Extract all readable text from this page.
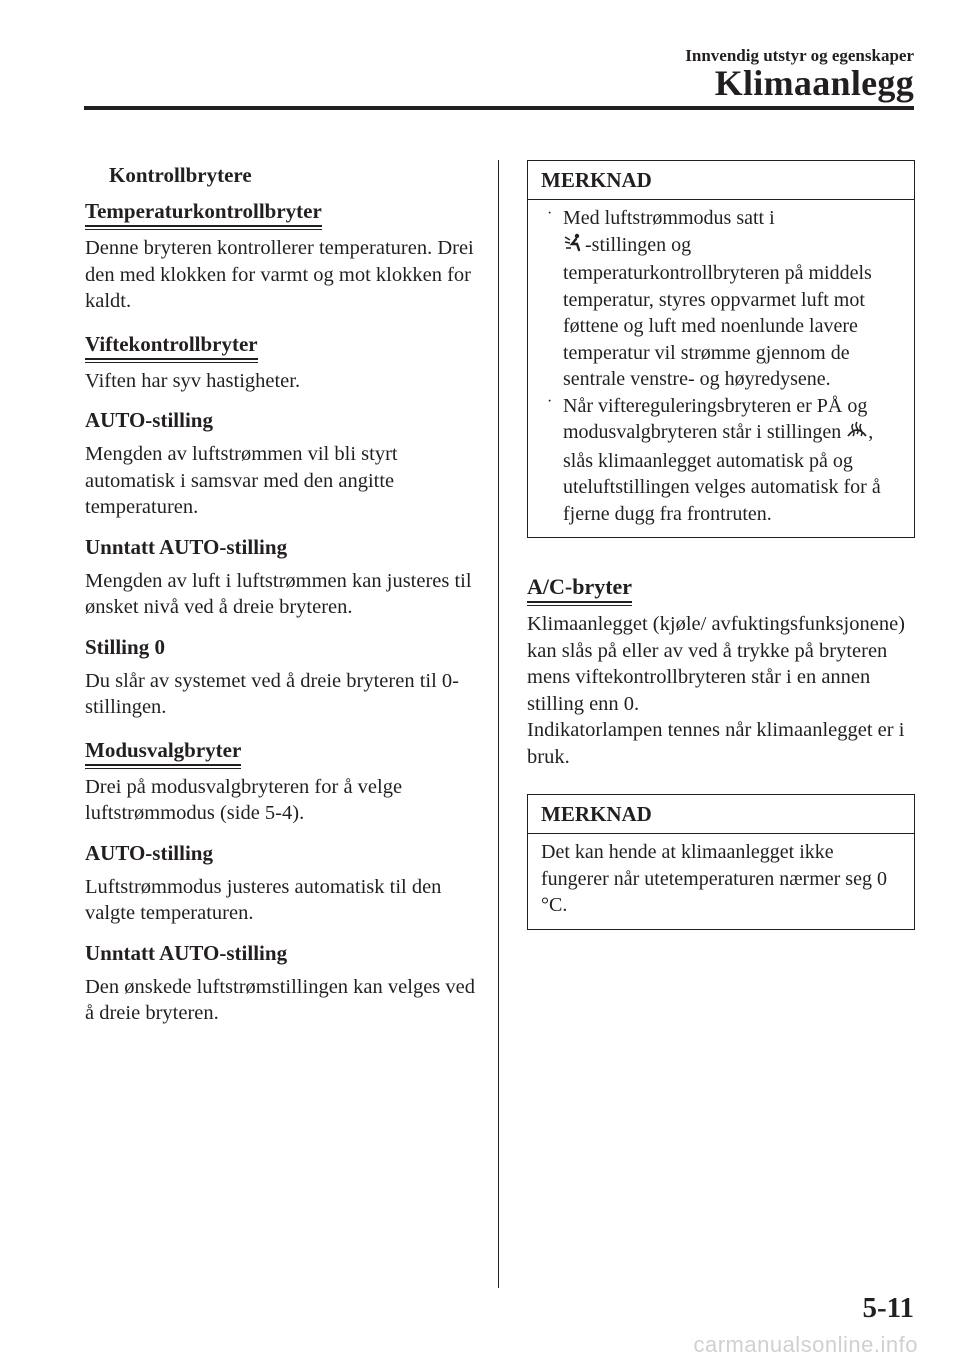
Innvendig utstyr og egenskaper
Klimaanlegg
Kontrollbrytere
Temperaturkontrollbryter

Denne bryteren kontrollerer temperaturen. Drei den med klokken for varmt og mot klokken for kaldt.

Viftekontrollbryter

Viften har syv hastigheter.

AUTO-stilling

Mengden av luftstrømmen vil bli styrt automatisk i samsvar med den angitte temperaturen.

Unntatt AUTO-stilling

Mengden av luft i luftstrømmen kan justeres til ønsket nivå ved å dreie bryteren.

Stilling 0

Du slår av systemet ved å dreie bryteren til 0-stillingen.

Modusvalgbryter

Drei på modusvalgbryteren for å velge luftstrømmodus (side 5-4).

AUTO-stilling

Luftstrømmodus justeres automatisk til den valgte temperaturen.

Unntatt AUTO-stilling

Den ønskede luftstrømstillingen kan velges ved å dreie bryteren.

MERKNAD
· Med luftstrømmodus satt i
-stillingen og temperaturkontrollbryteren på middels temperatur, styres oppvarmet luft mot føttene og luft med noenlunde lavere temperatur vil strømme gjennom de sentrale venstre- og høyredysene.

· Når viftereguleringsbryteren er PÅ og modusvalgbryteren står i stillingen , slås klimaanlegget automatisk på og uteluftstillingen velges automatisk for å fjerne dugg fra frontruten.

A/C-bryter

Klimaanlegget (kjøle/ avfuktingsfunksjonene) kan slås på eller av ved å trykke på bryteren mens viftekontrollbryteren står i en annen stilling enn 0.

Indikatorlampen tennes når klimaanlegget er i bruk.

MERKNAD

Det kan hende at klimaanlegget ikke fungerer når utetemperaturen nærmer seg 0 °C.

5-11
carmanualsonline.info
